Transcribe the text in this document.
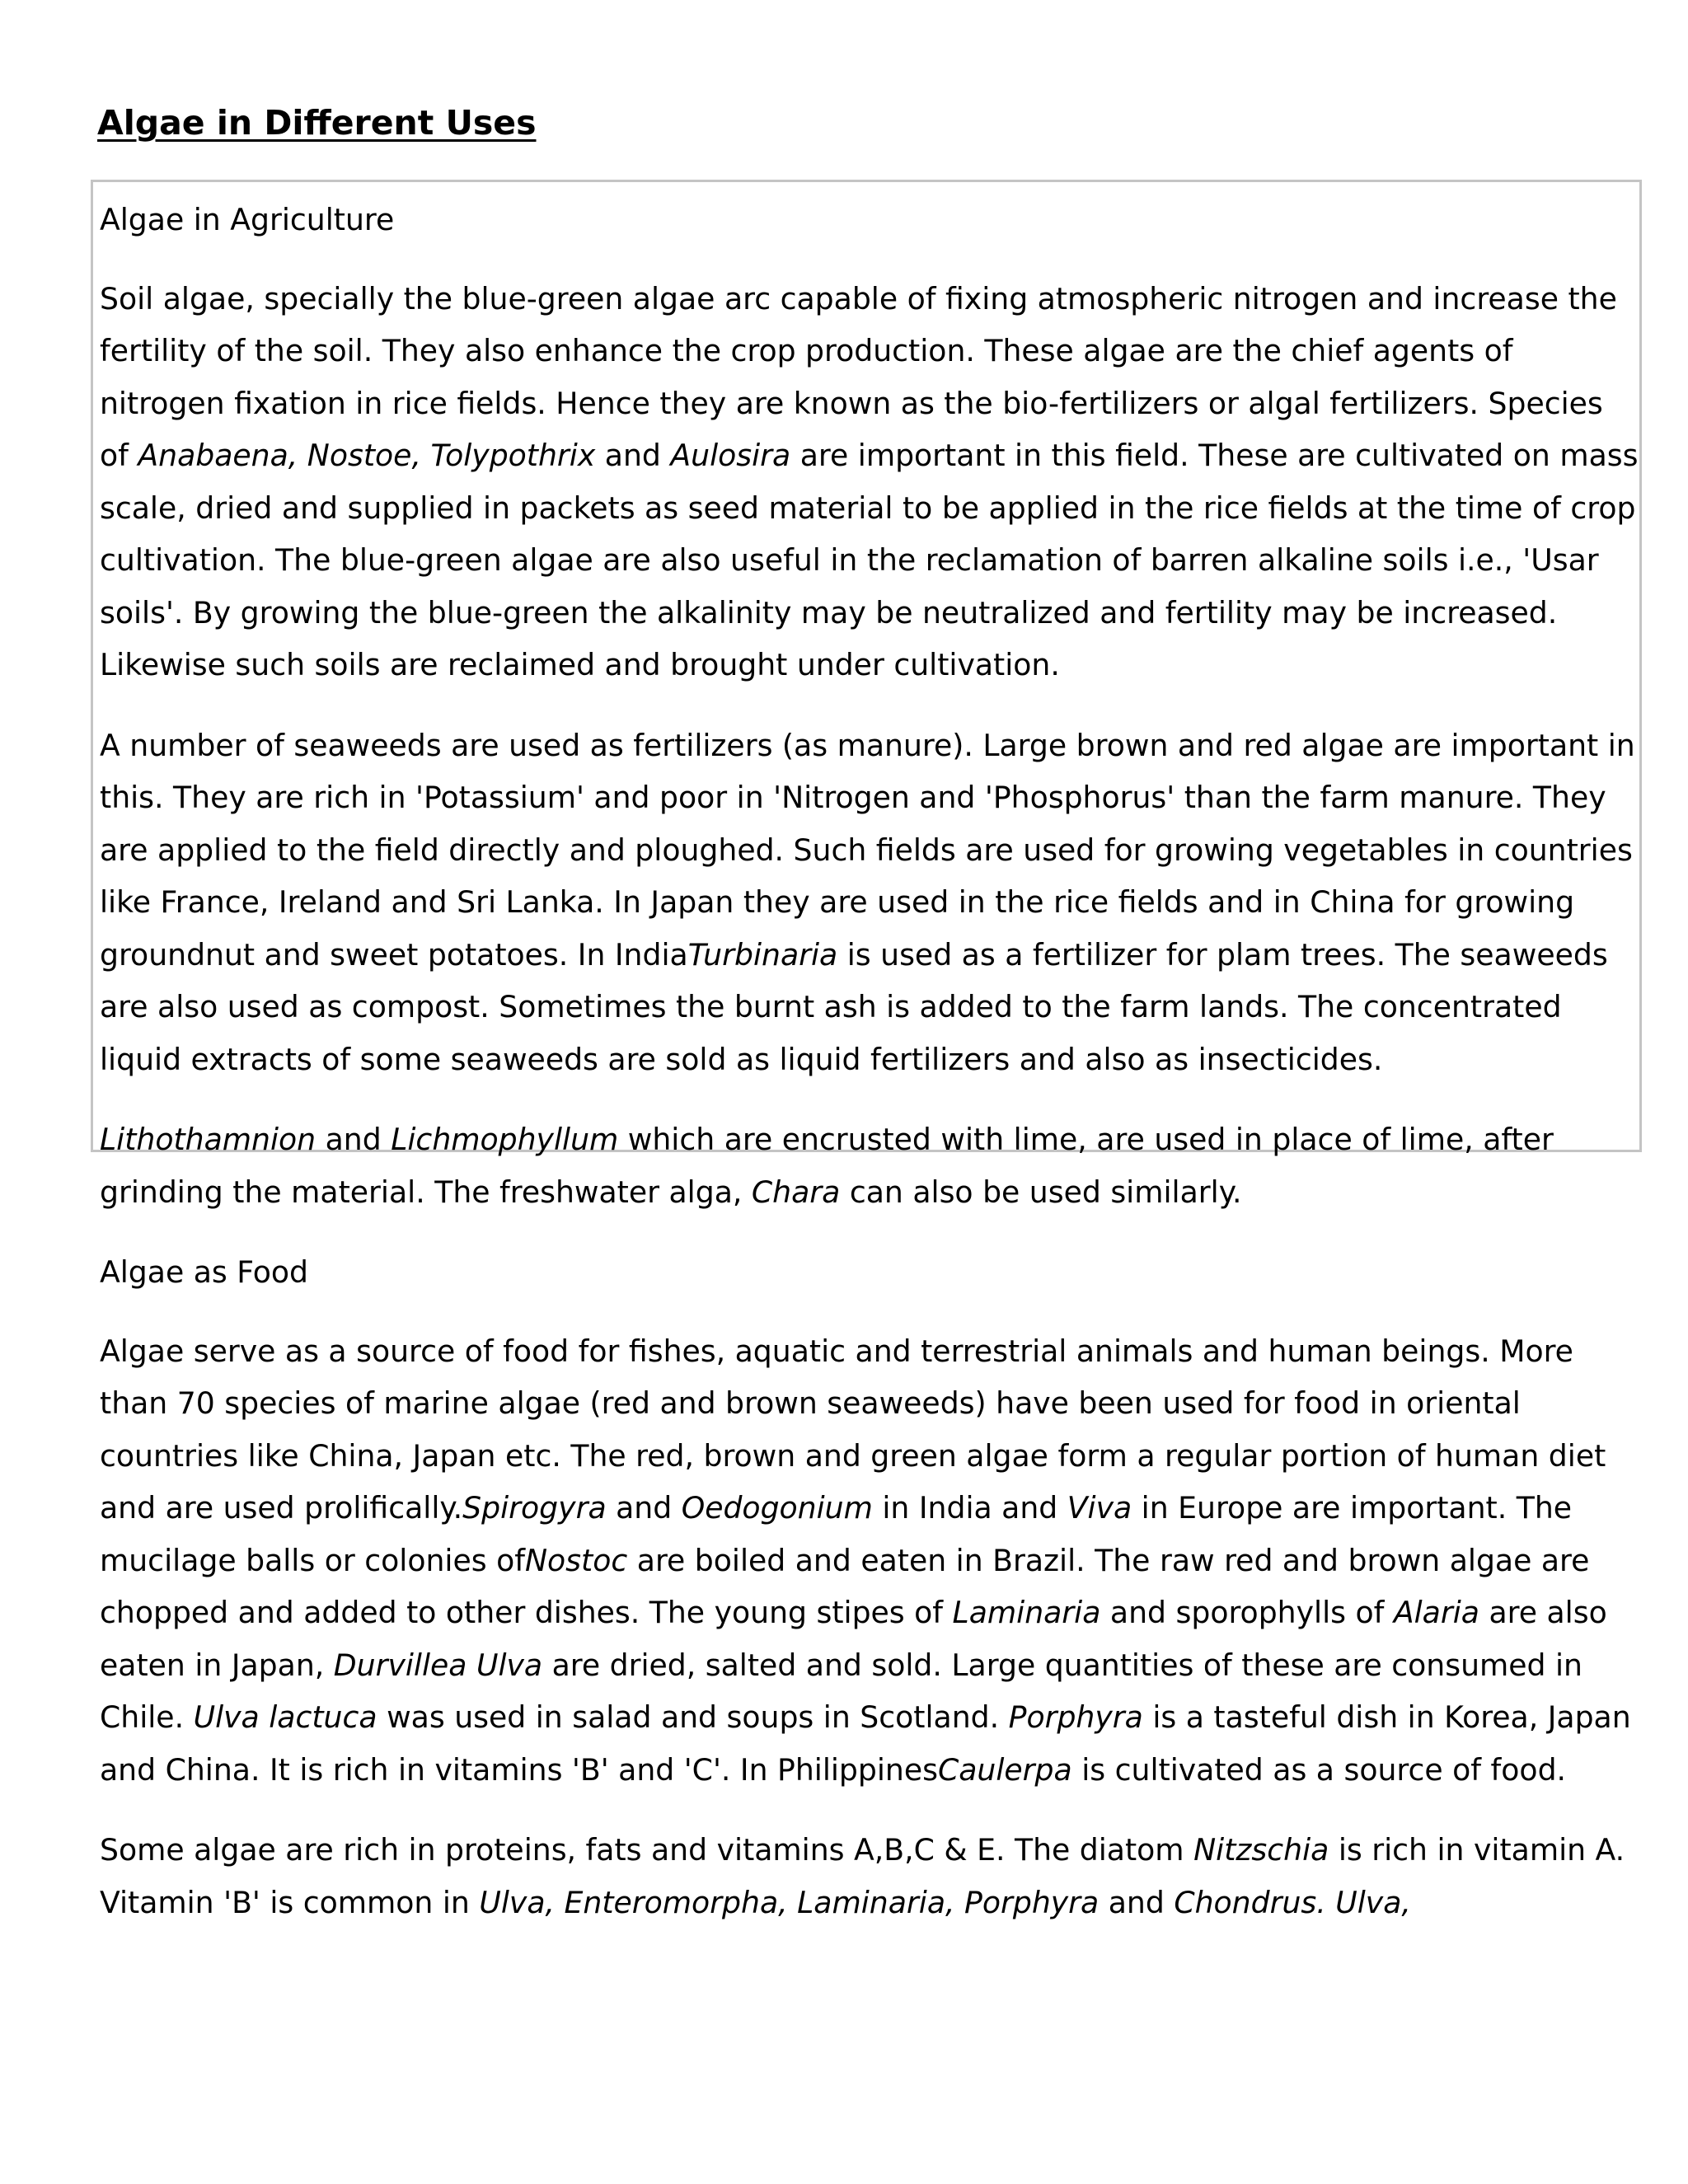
Algae in Different Uses

Algae in Agriculture

Soil algae, specially the blue-green algae arc capable of fixing atmospheric nitrogen and increase the fertility of the soil. They also enhance the crop production. These algae are the chief agents of nitrogen fixation in rice fields. Hence they are known as the bio-fertilizers or algal fertilizers. Species of Anabaena, Nostoe, Tolypothrix and Aulosira are important in this field. These are cultivated on mass scale, dried and supplied in packets as seed material to be applied in the rice fields at the time of crop cultivation. The blue-green algae are also useful in the reclamation of barren alkaline soils i.e., 'Usar soils'. By growing the blue-green the alkalinity may be neutralized and fertility may be increased. Likewise such soils are reclaimed and brought under cultivation.

A number of seaweeds are used as fertilizers (as manure). Large brown and red algae are important in this. They are rich in 'Potassium' and poor in 'Nitrogen and 'Phosphorus' than the farm manure. They are applied to the field directly and ploughed. Such fields are used for growing vegetables in countries like France, Ireland and Sri Lanka. In Japan they are used in the rice fields and in China for growing groundnut and sweet potatoes. In IndiaTurbinaria is used as a fertilizer for plam trees. The seaweeds are also used as compost. Sometimes the burnt ash is added to the farm lands. The concentrated liquid extracts of some seaweeds are sold as liquid fertilizers and also as insecticides.

Lithothamnion and Lichmophyllum which are encrusted with lime, are used in place of lime, after grinding the material. The freshwater alga, Chara can also be used similarly.

Algae as Food

Algae serve as a source of food for fishes, aquatic and terrestrial animals and human beings. More than 70 species of marine algae (red and brown seaweeds) have been used for food in oriental countries like China, Japan etc. The red, brown and green algae form a regular portion of human diet and are used prolifically.Spirogyra and Oedogonium in India and Viva in Europe are important. The mucilage balls or colonies ofNostoc are boiled and eaten in Brazil. The raw red and brown algae are chopped and added to other dishes. The young stipes of Laminaria and sporophylls of Alaria are also eaten in Japan, Durvillea Ulva are dried, salted and sold. Large quantities of these are consumed in Chile. Ulva lactuca was used in salad and soups in Scotland. Porphyra is a tasteful dish in Korea, Japan and China. It is rich in vitamins 'B' and 'C'. In PhilippinesCaulerpa is cultivated as a source of food.

Some algae are rich in proteins, fats and vitamins A,B,C & E. The diatom Nitzschia is rich in vitamin A. Vitamin 'B' is common in Ulva, Enteromorpha, Laminaria, Porphyra and Chondrus. Ulva,
